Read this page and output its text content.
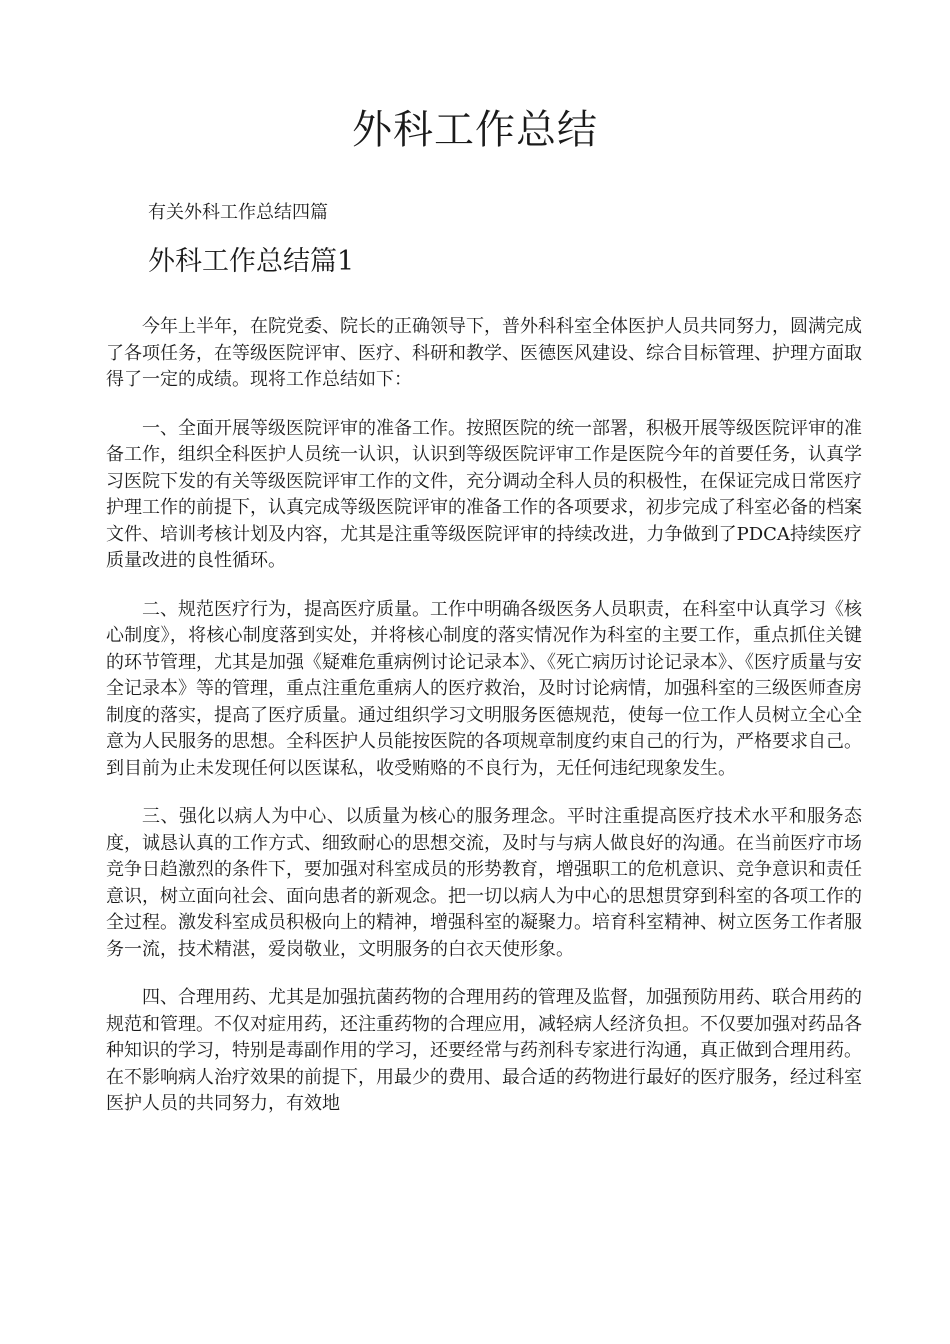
外科工作总结
有关外科工作总结四篇
外科工作总结篇1

今年上半年，在院党委、院长的正确领导下，普外科科室全体医护人员共同努力，圆满完成了各项任务，在等级医院评审、医疗、科研和教学、医德医风建设、综合目标管理、护理方面取得了一定的成绩。现将工作总结如下：

一、全面开展等级医院评审的准备工作。按照医院的统一部署，积极开展等级医院评审的准备工作，组织全科医护人员统一认识，认识到等级医院评审工作是医院今年的首要任务，认真学习医院下发的有关等级医院评审工作的文件，充分调动全科人员的积极性，在保证完成日常医疗护理工作的前提下，认真完成等级医院评审的准备工作的各项要求，初步完成了科室必备的档案文件、培训考核计划及内容，尤其是注重等级医院评审的持续改进，力争做到了PDCA持续医疗质量改进的良性循环。

二、规范医疗行为，提高医疗质量。工作中明确各级医务人员职责，在科室中认真学习《核心制度》，将核心制度落到实处，并将核心制度的落实情况作为科室的主要工作，重点抓住关键的环节管理，尤其是加强《疑难危重病例讨论记录本》、《死亡病历讨论记录本》、《医疗质量与安全记录本》等的管理，重点注重危重病人的医疗救治，及时讨论病情，加强科室的三级医师查房制度的落实，提高了医疗质量。通过组织学习文明服务医德规范，使每一位工作人员树立全心全意为人民服务的思想。全科医护人员能按医院的各项规章制度约束自己的行为，严格要求自己。到目前为止未发现任何以医谋私，收受贿赂的不良行为，无任何违纪现象发生。

三、强化以病人为中心、以质量为核心的服务理念。平时注重提高医疗技术水平和服务态度，诚恳认真的工作方式、细致耐心的思想交流，及时与与病人做良好的沟通。在当前医疗市场竞争日趋激烈的条件下，要加强对科室成员的形势教育，增强职工的危机意识、竞争意识和责任意识，树立面向社会、面向患者的新观念。把一切以病人为中心的思想贯穿到科室的各项工作的全过程。激发科室成员积极向上的精神，增强科室的凝聚力。培育科室精神、树立医务工作者服务一流，技术精湛，爱岗敬业，文明服务的白衣天使形象。

四、合理用药、尤其是加强抗菌药物的合理用药的管理及监督，加强预防用药、联合用药的规范和管理。不仅对症用药，还注重药物的合理应用，减轻病人经济负担。不仅要加强对药品各种知识的学习，特别是毒副作用的学习，还要经常与药剂科专家进行沟通，真正做到合理用药。在不影响病人治疗效果的前提下，用最少的费用、最合适的药物进行最好的医疗服务，经过科室医护人员的共同努力，有效地
